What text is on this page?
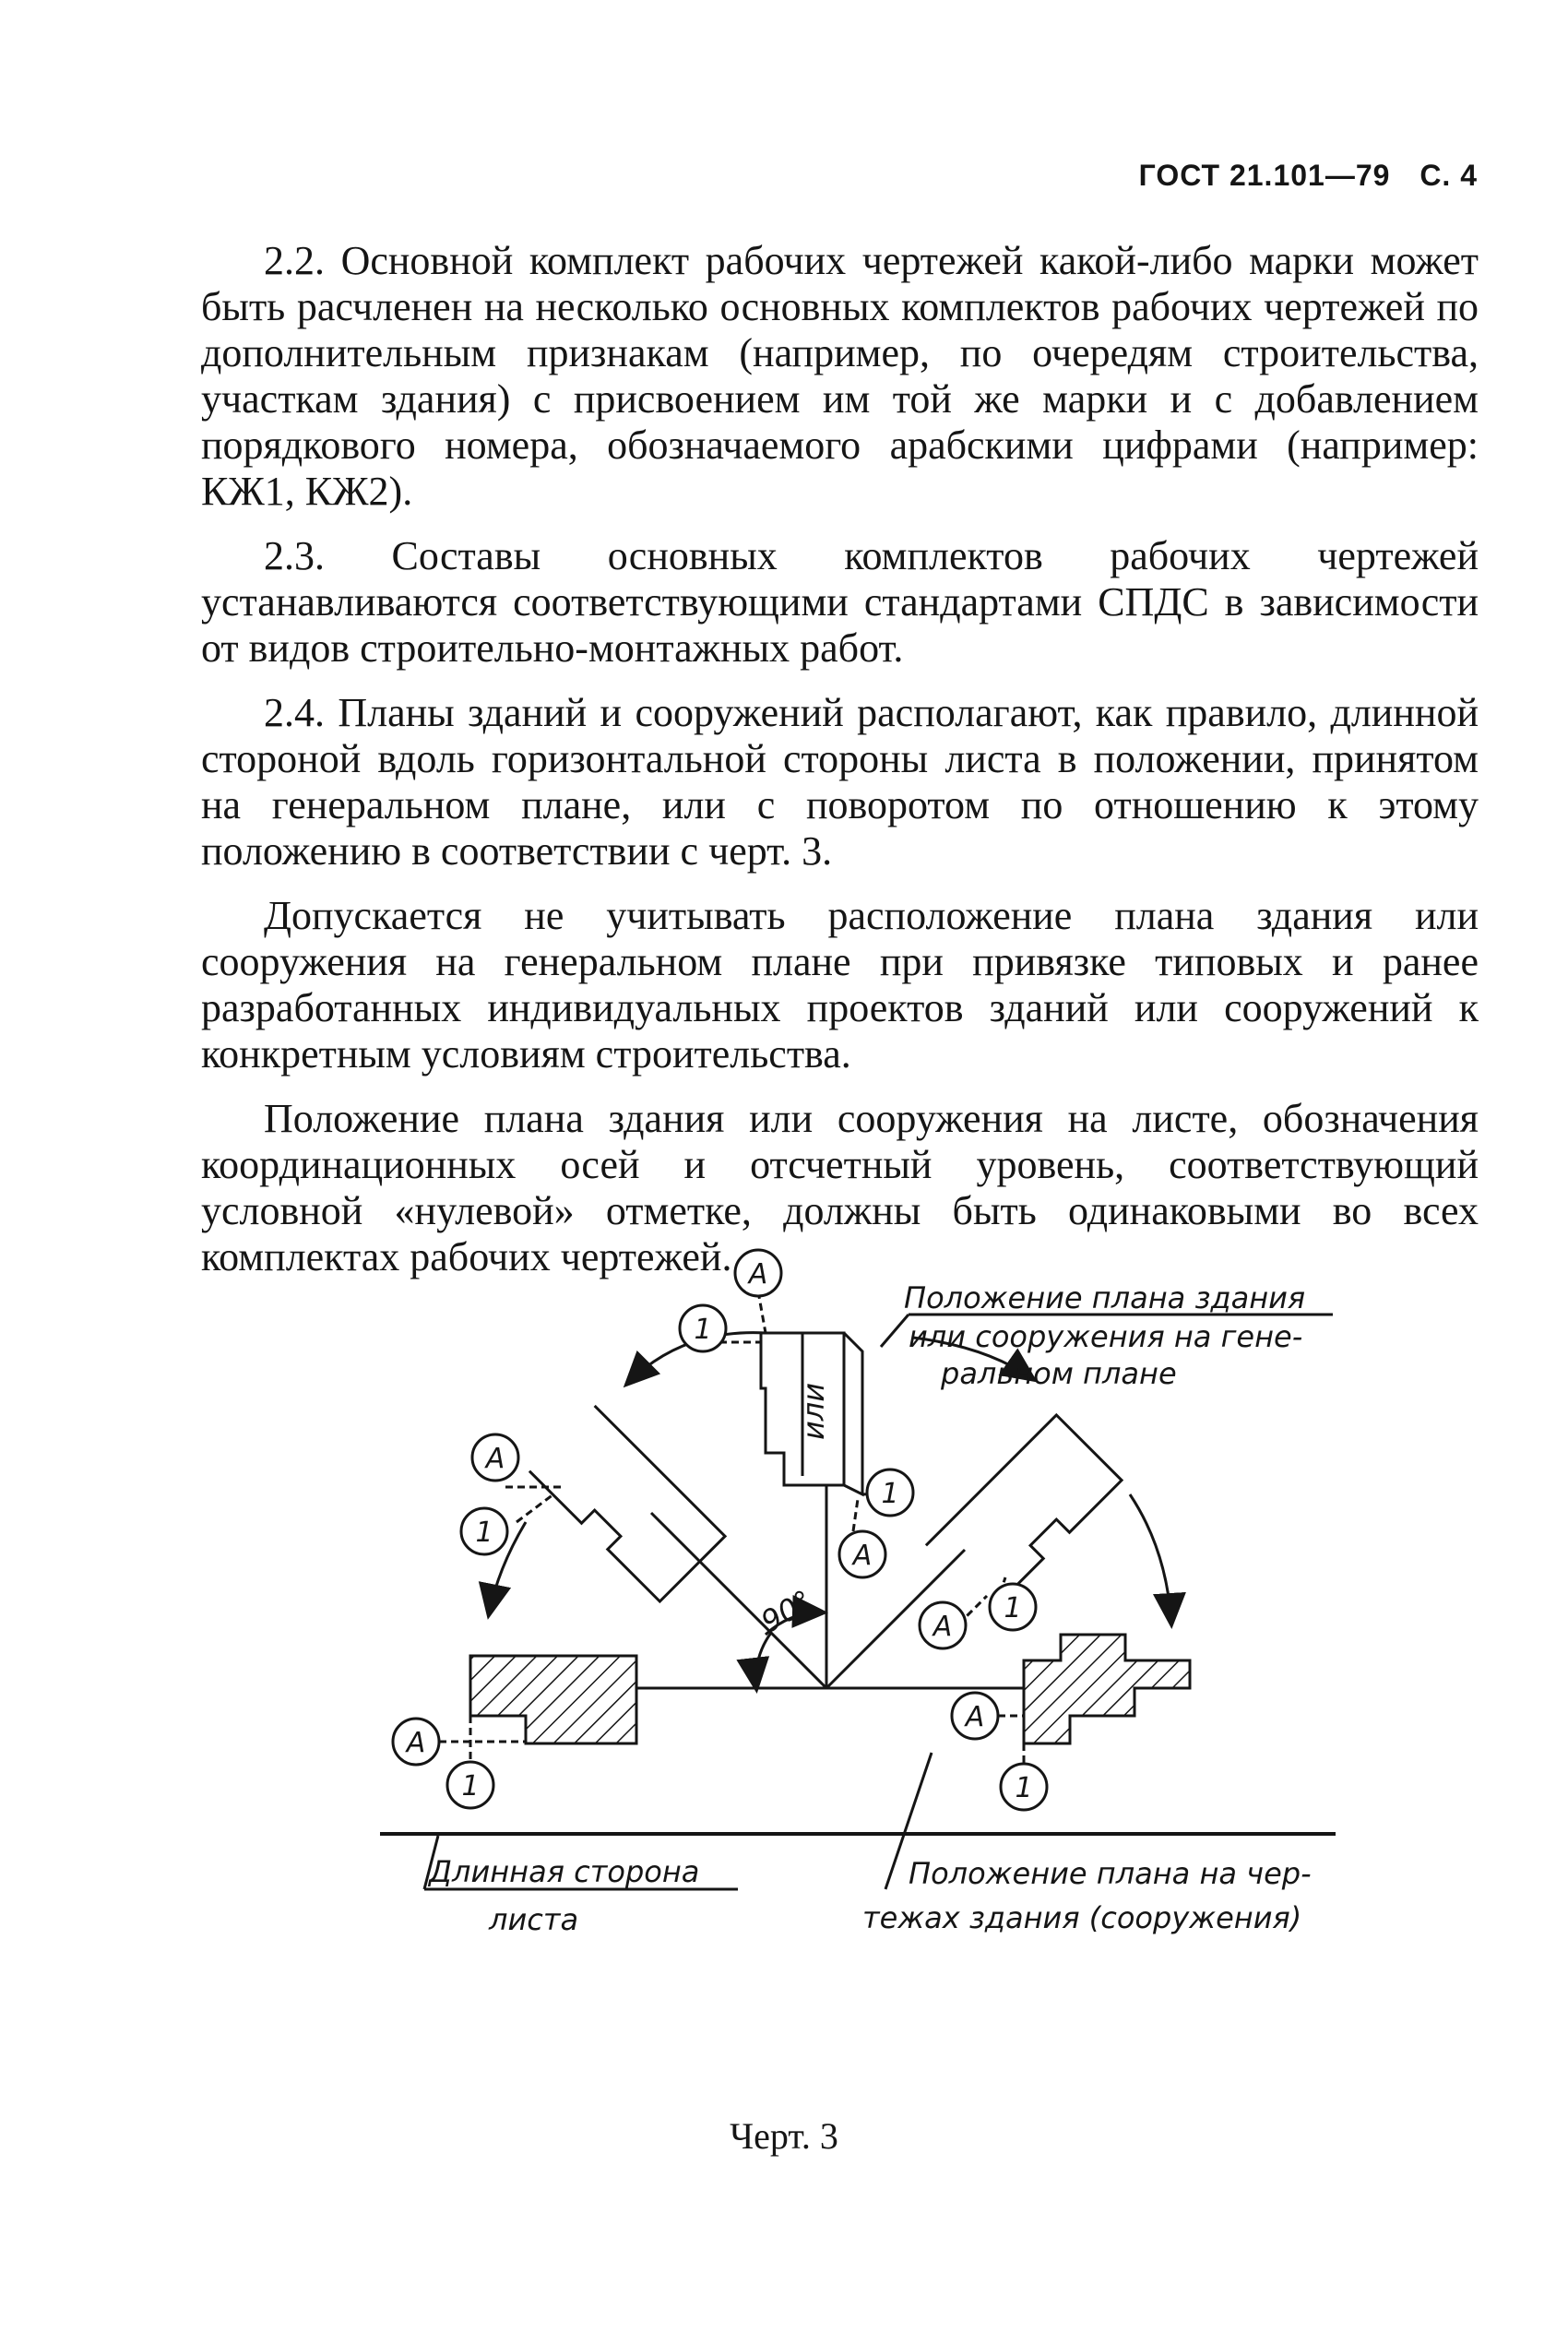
ГОСТ 21.101—79 С. 4

2.2. Основной комплект рабочих чертежей какой-либо марки может быть расчленен на несколько основных комплектов рабочих чертежей по дополнительным признакам (например, по очередям строительства, участкам здания) с присвоением им той же марки и с добавлением порядкового номера, обозначаемого арабскими цифрами (например: КЖ1, КЖ2).

2.3. Составы основных комплектов рабочих чертежей устанавливаются соответствующими стандартами СПДС в зависимости от видов строительно-монтажных работ.

2.4. Планы зданий и сооружений располагают, как правило, длинной стороной вдоль горизонтальной стороны листа в положении, принятом на генеральном плане, или с поворотом по отношению к этому положению в соответствии с черт. 3.

Допускается не учитывать расположение плана здания или сооружения на генеральном плане при привязке типовых и ранее разработанных индивидуальных проектов зданий или сооружений к конкретным условиям строительства.

Положение плана здания или сооружения на листе, обозначения координационных осей и отсчетный уровень, соответствующий условной «нулевой» отметке, должны быть одинаковыми во всех комплектах рабочих чертежей. А
1
А
1
1
А
А
1
А
1
А
1
Положение плана здания
или сооружения на гене-
ральном плане
90°
или
Длинная сторона
листа
Положение плана на чер-
тежах здания (сооружения)
Черт. 3
